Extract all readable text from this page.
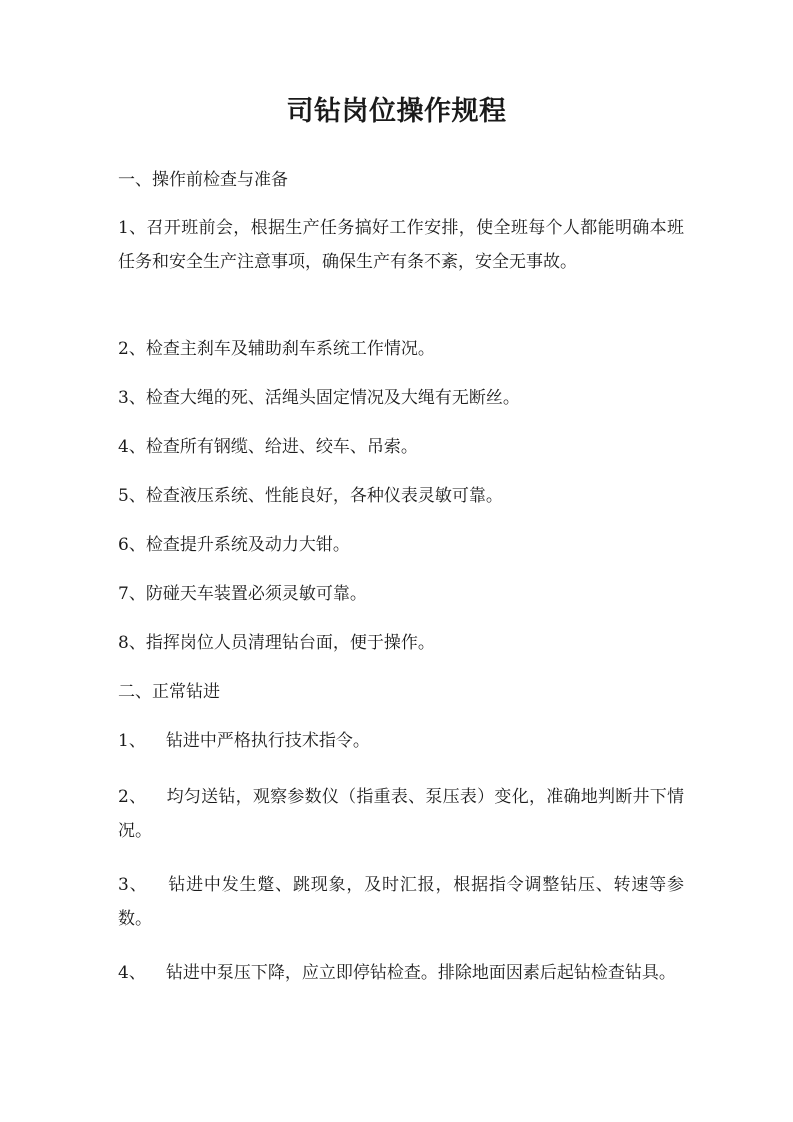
司钻岗位操作规程

一、操作前检查与准备

1、召开班前会，根据生产任务搞好工作安排，使全班每个人都能明确本班任务和安全生产注意事项，确保生产有条不紊，安全无事故。

2、检查主刹车及辅助刹车系统工作情况。

3、检查大绳的死、活绳头固定情况及大绳有无断丝。

4、检查所有钢缆、给进、绞车、吊索。

5、检查液压系统、性能良好，各种仪表灵敏可靠。

6、检查提升系统及动力大钳。

7、防碰天车装置必须灵敏可靠。

8、指挥岗位人员清理钻台面，便于操作。

二、正常钻进

1、 钻进中严格执行技术指令。

2、 均匀送钻，观察参数仪（指重表、泵压表）变化，准确地判断井下情况。

3、 钻进中发生蹩、跳现象，及时汇报，根据指令调整钻压、转速等参数。

4、 钻进中泵压下降，应立即停钻检查。排除地面因素后起钻检查钻具。
